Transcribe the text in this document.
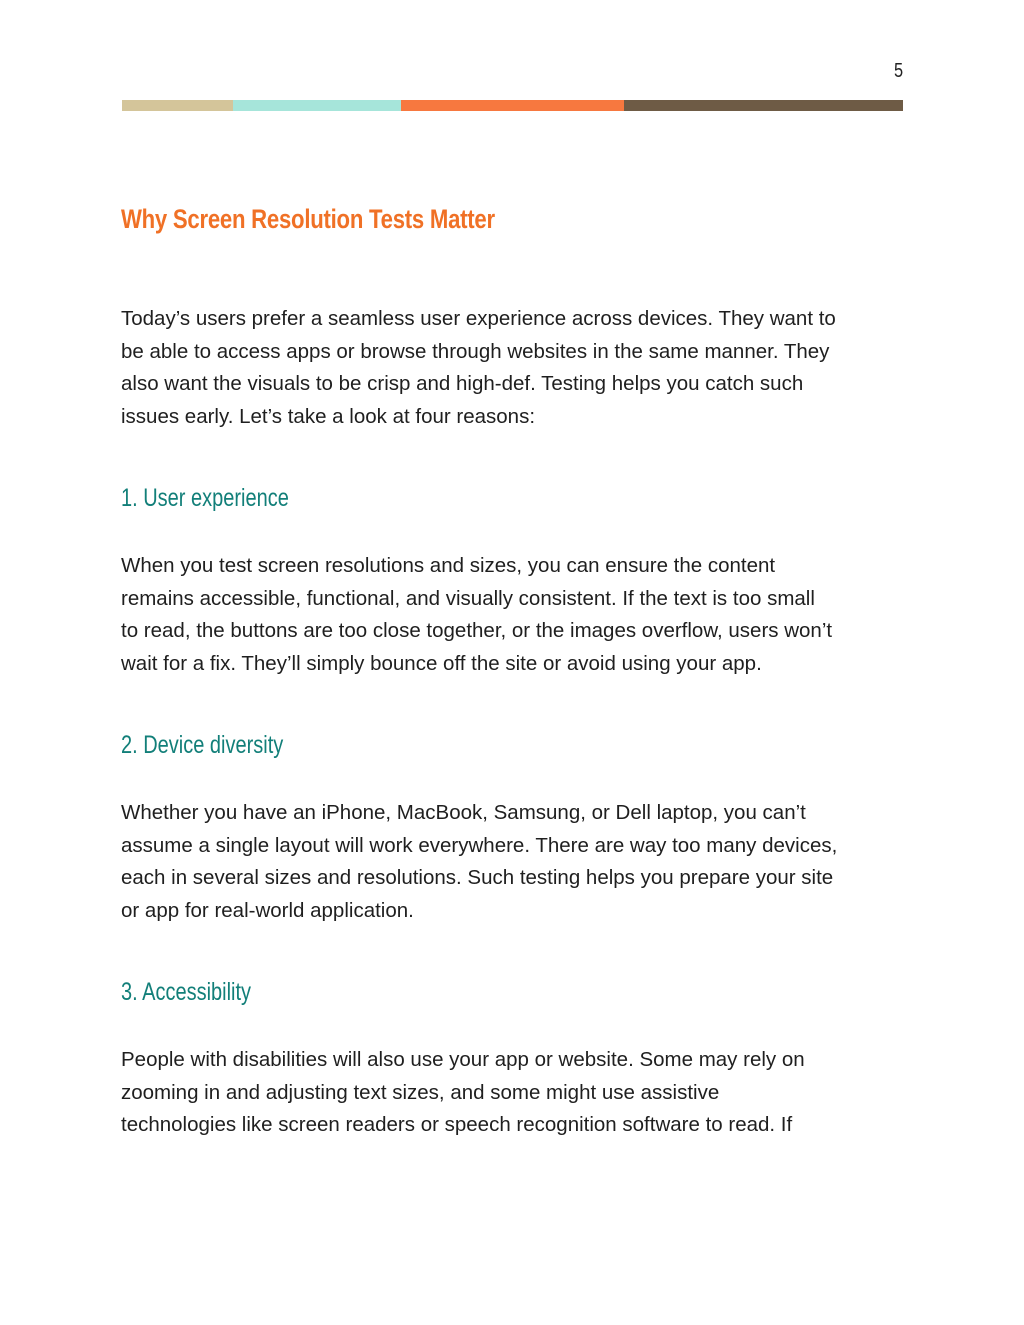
5
Why Screen Resolution Tests Matter

Today’s users prefer a seamless user experience across devices. They want to
be able to access apps or browse through websites in the same manner. They
also want the visuals to be crisp and high-def. Testing helps you catch such
issues early. Let’s take a look at four reasons:

1. User experience

When you test screen resolutions and sizes, you can ensure the content
remains accessible, functional, and visually consistent. If the text is too small
to read, the buttons are too close together, or the images overflow, users won’t
wait for a fix. They’ll simply bounce off the site or avoid using your app.

2. Device diversity

Whether you have an iPhone, MacBook, Samsung, or Dell laptop, you can’t
assume a single layout will work everywhere. There are way too many devices,
each in several sizes and resolutions. Such testing helps you prepare your site
or app for real-world application.

3. Accessibility

People with disabilities will also use your app or website. Some may rely on
zooming in and adjusting text sizes, and some might use assistive
technologies like screen readers or speech recognition software to read. If
